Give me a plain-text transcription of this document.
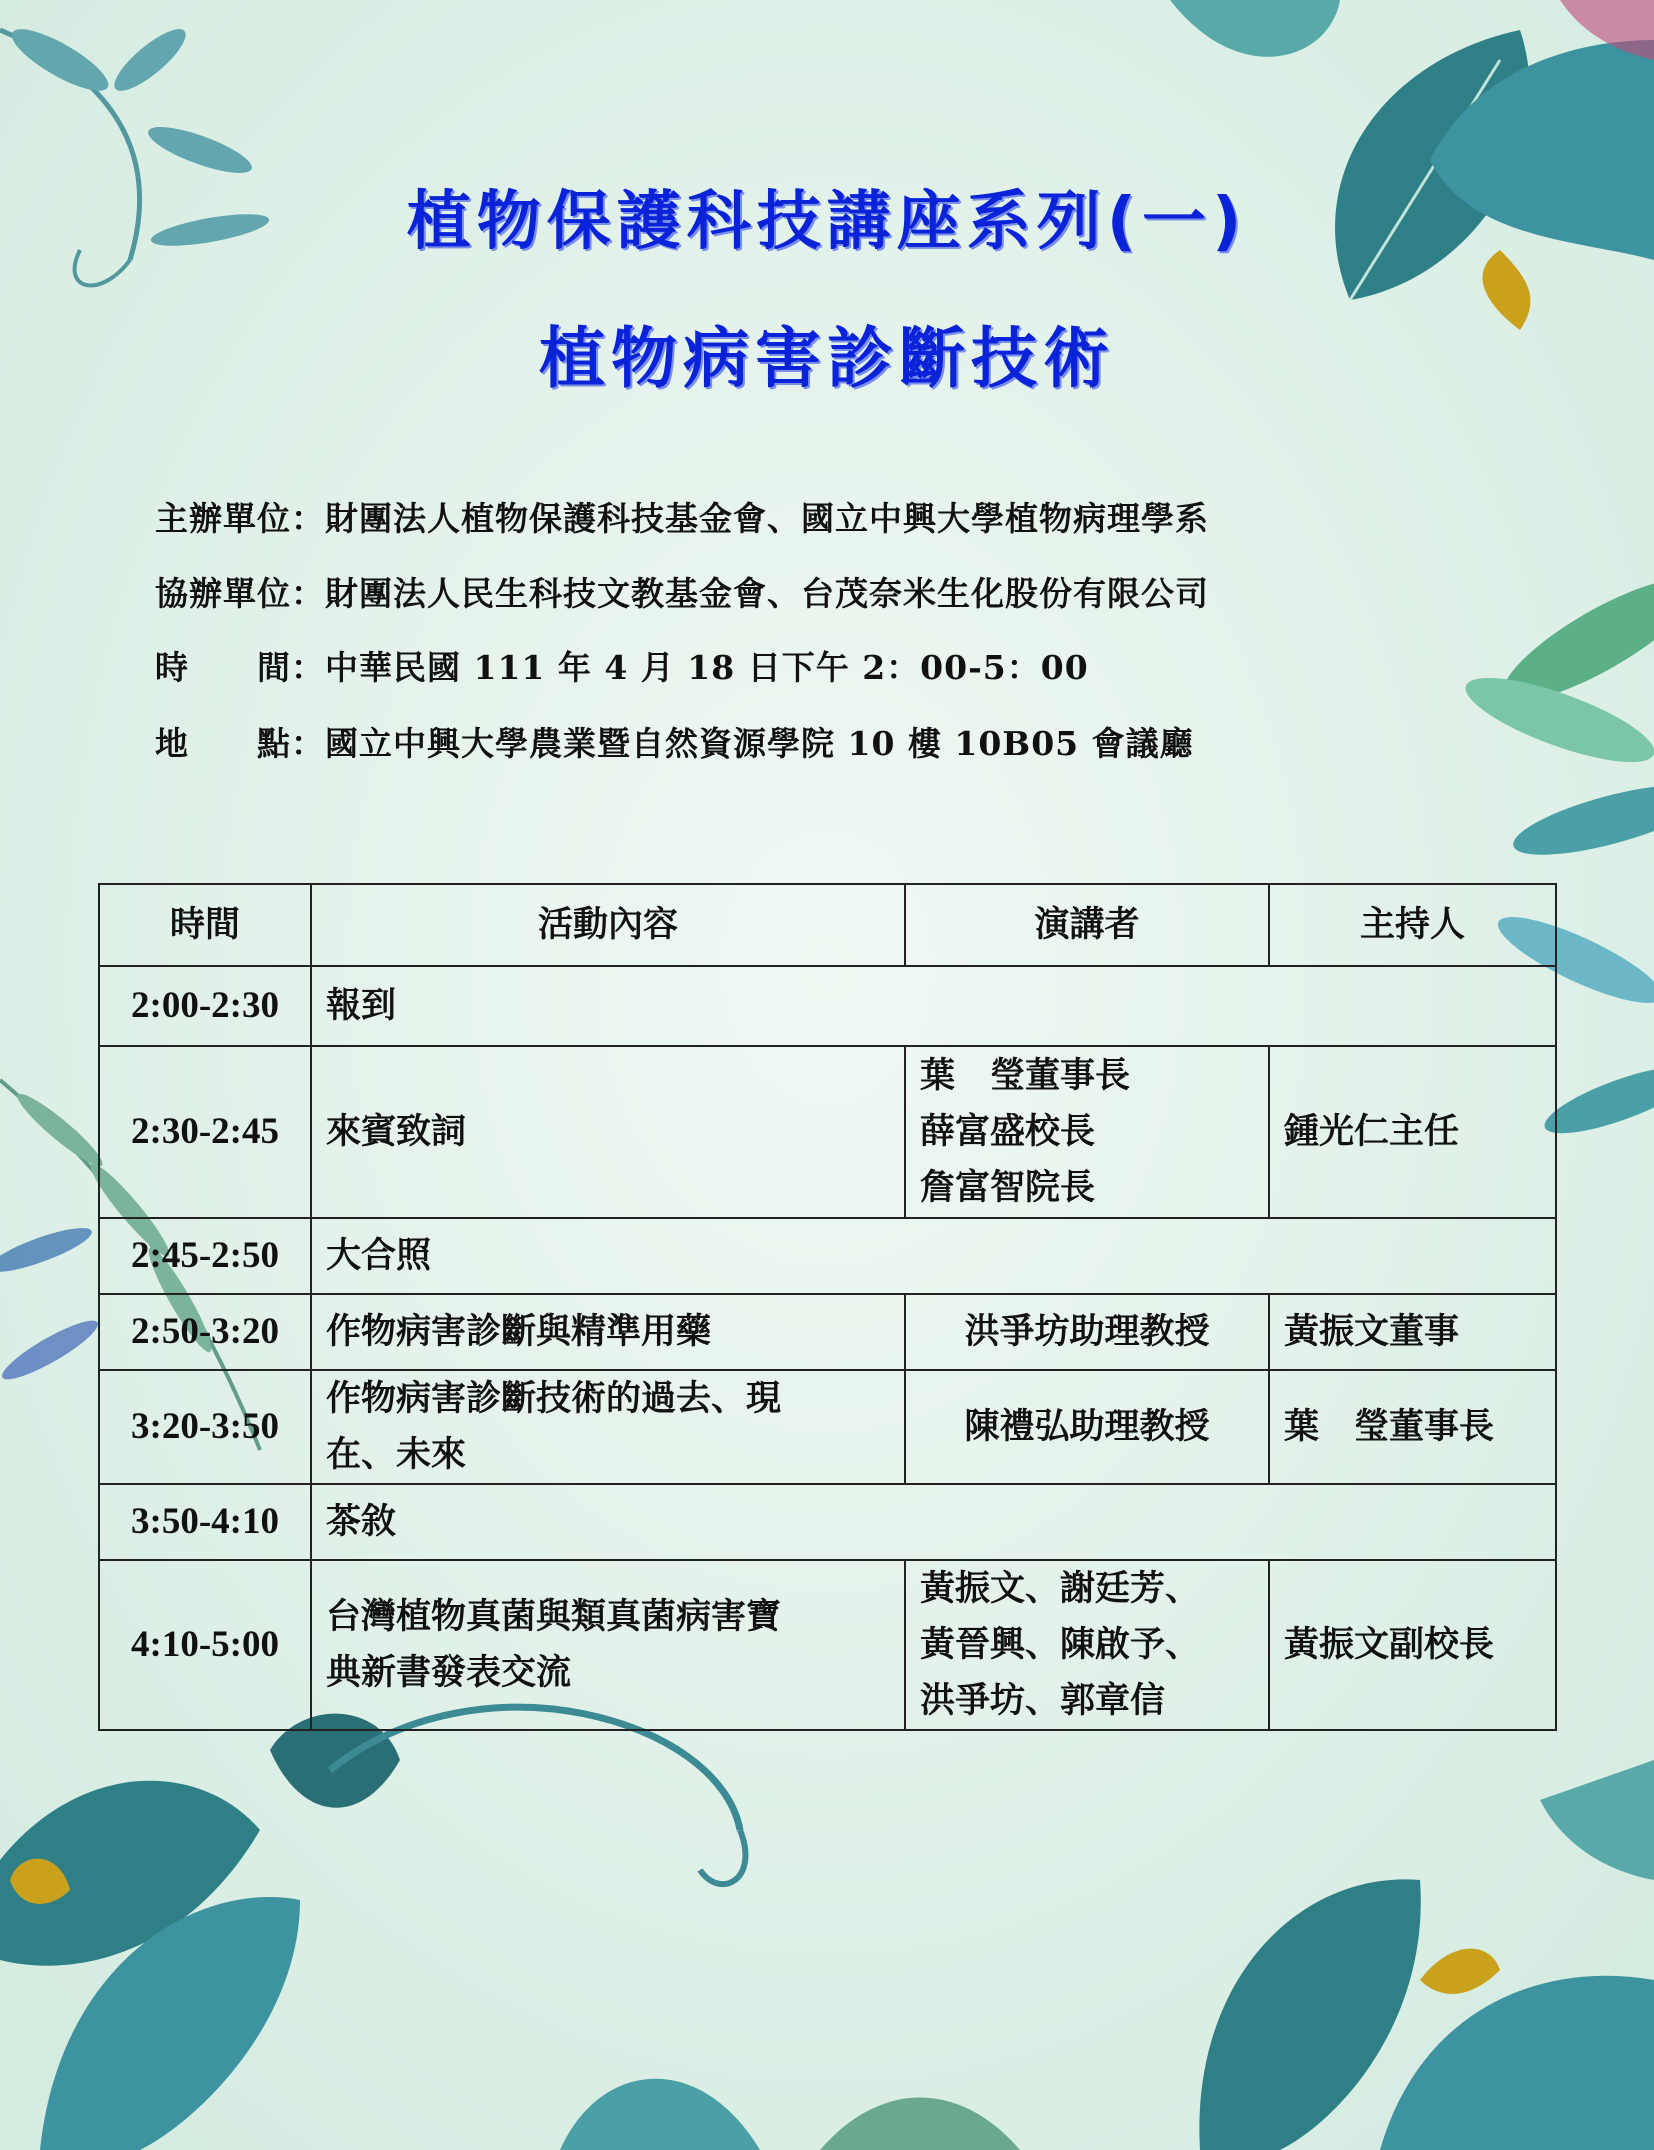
植物保護科技講座系列(一)
植物病害診斷技術
主辦單位：財團法人植物保護科技基金會、國立中興大學植物病理學系
協辦單位：財團法人民生科技文教基金會、台茂奈米生化股份有限公司
時　　間：中華民國 111 年 4 月 18 日下午 2：00-5：00
地　　點：國立中興大學農業暨自然資源學院 10 樓 10B05 會議廳
時間	活動內容	演講者	主持人
2:00-2:30	報到		

2:30-2:45	來賓致詞	葉　瑩董事長
薛富盛校長
詹富智院長	鍾光仁主任
2:45-2:50	大合照		

2:50-3:20	作物病害診斷與精準用藥	洪爭坊助理教授	黃振文董事
3:20-3:50	作物病害診斷技術的過去、現
在、未來	陳禮弘助理教授	葉　瑩董事長
3:50-4:10	茶敘		

4:10-5:00	台灣植物真菌與類真菌病害寶
典新書發表交流	黃振文、謝廷芳、
黃晉興、陳啟予、
洪爭坊、郭章信	黃振文副校長
